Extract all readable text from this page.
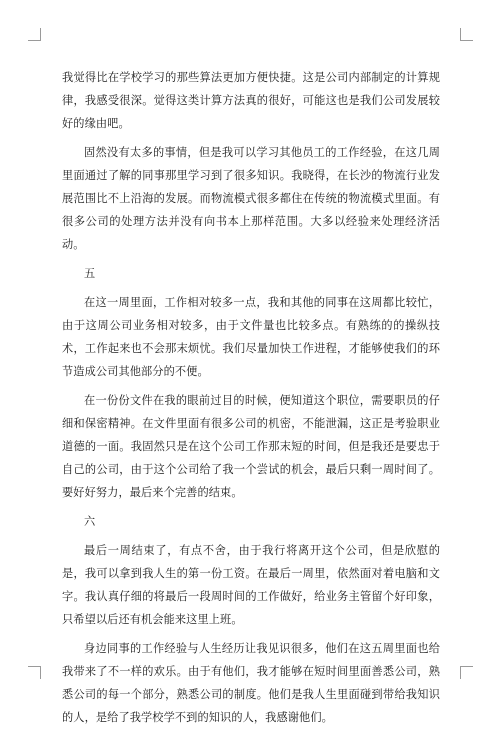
我觉得比在学校学习的那些算法更加方便快捷。这是公司内部制定的计算规律，我感受很深。觉得这类计算方法真的很好，可能这也是我们公司发展较好的缘由吧。

固然没有太多的事情，但是我可以学习其他员工的工作经验，在这几周里面通过了解的同事那里学习到了很多知识。我晓得，在长沙的物流行业发展范围比不上沿海的发展。而物流模式很多都住在传统的物流模式里面。有很多公司的处理方法并没有向书本上那样范围。大多以经验来处理经济活动。

五

在这一周里面，工作相对较多一点，我和其他的同事在这周都比较忙，由于这周公司业务相对较多，由于文件量也比较多点。有熟练的的操纵技术，工作起来也不会那末烦忧。我们尽量加快工作进程，才能够使我们的环节造成公司其他部分的不便。

在一份份文件在我的眼前过目的时候，便知道这个职位，需要职员的仔细和保密精神。在文件里面有很多公司的机密，不能泄漏，这正是考验职业道德的一面。我固然只是在这个公司工作那末短的时间，但是我还是要忠于自己的公司，由于这个公司给了我一个尝试的机会，最后只剩一周时间了。要好好努力，最后来个完善的结束。

六

最后一周结束了，有点不舍，由于我行将离开这个公司，但是欣慰的是，我可以拿到我人生的第一份工资。在最后一周里，依然面对着电脑和文字。我认真仔细的将最后一段周时间的工作做好，给业务主管留个好印象，只希望以后还有机会能来这里上班。

身边同事的工作经验与人生经历让我见识很多，他们在这五周里面也给我带来了不一样的欢乐。由于有他们，我才能够在短时间里面善悉公司，熟悉公司的每一个部分，熟悉公司的制度。他们是我人生里面碰到带给我知识的人，是给了我学校学不到的知识的人，我感谢他们。
